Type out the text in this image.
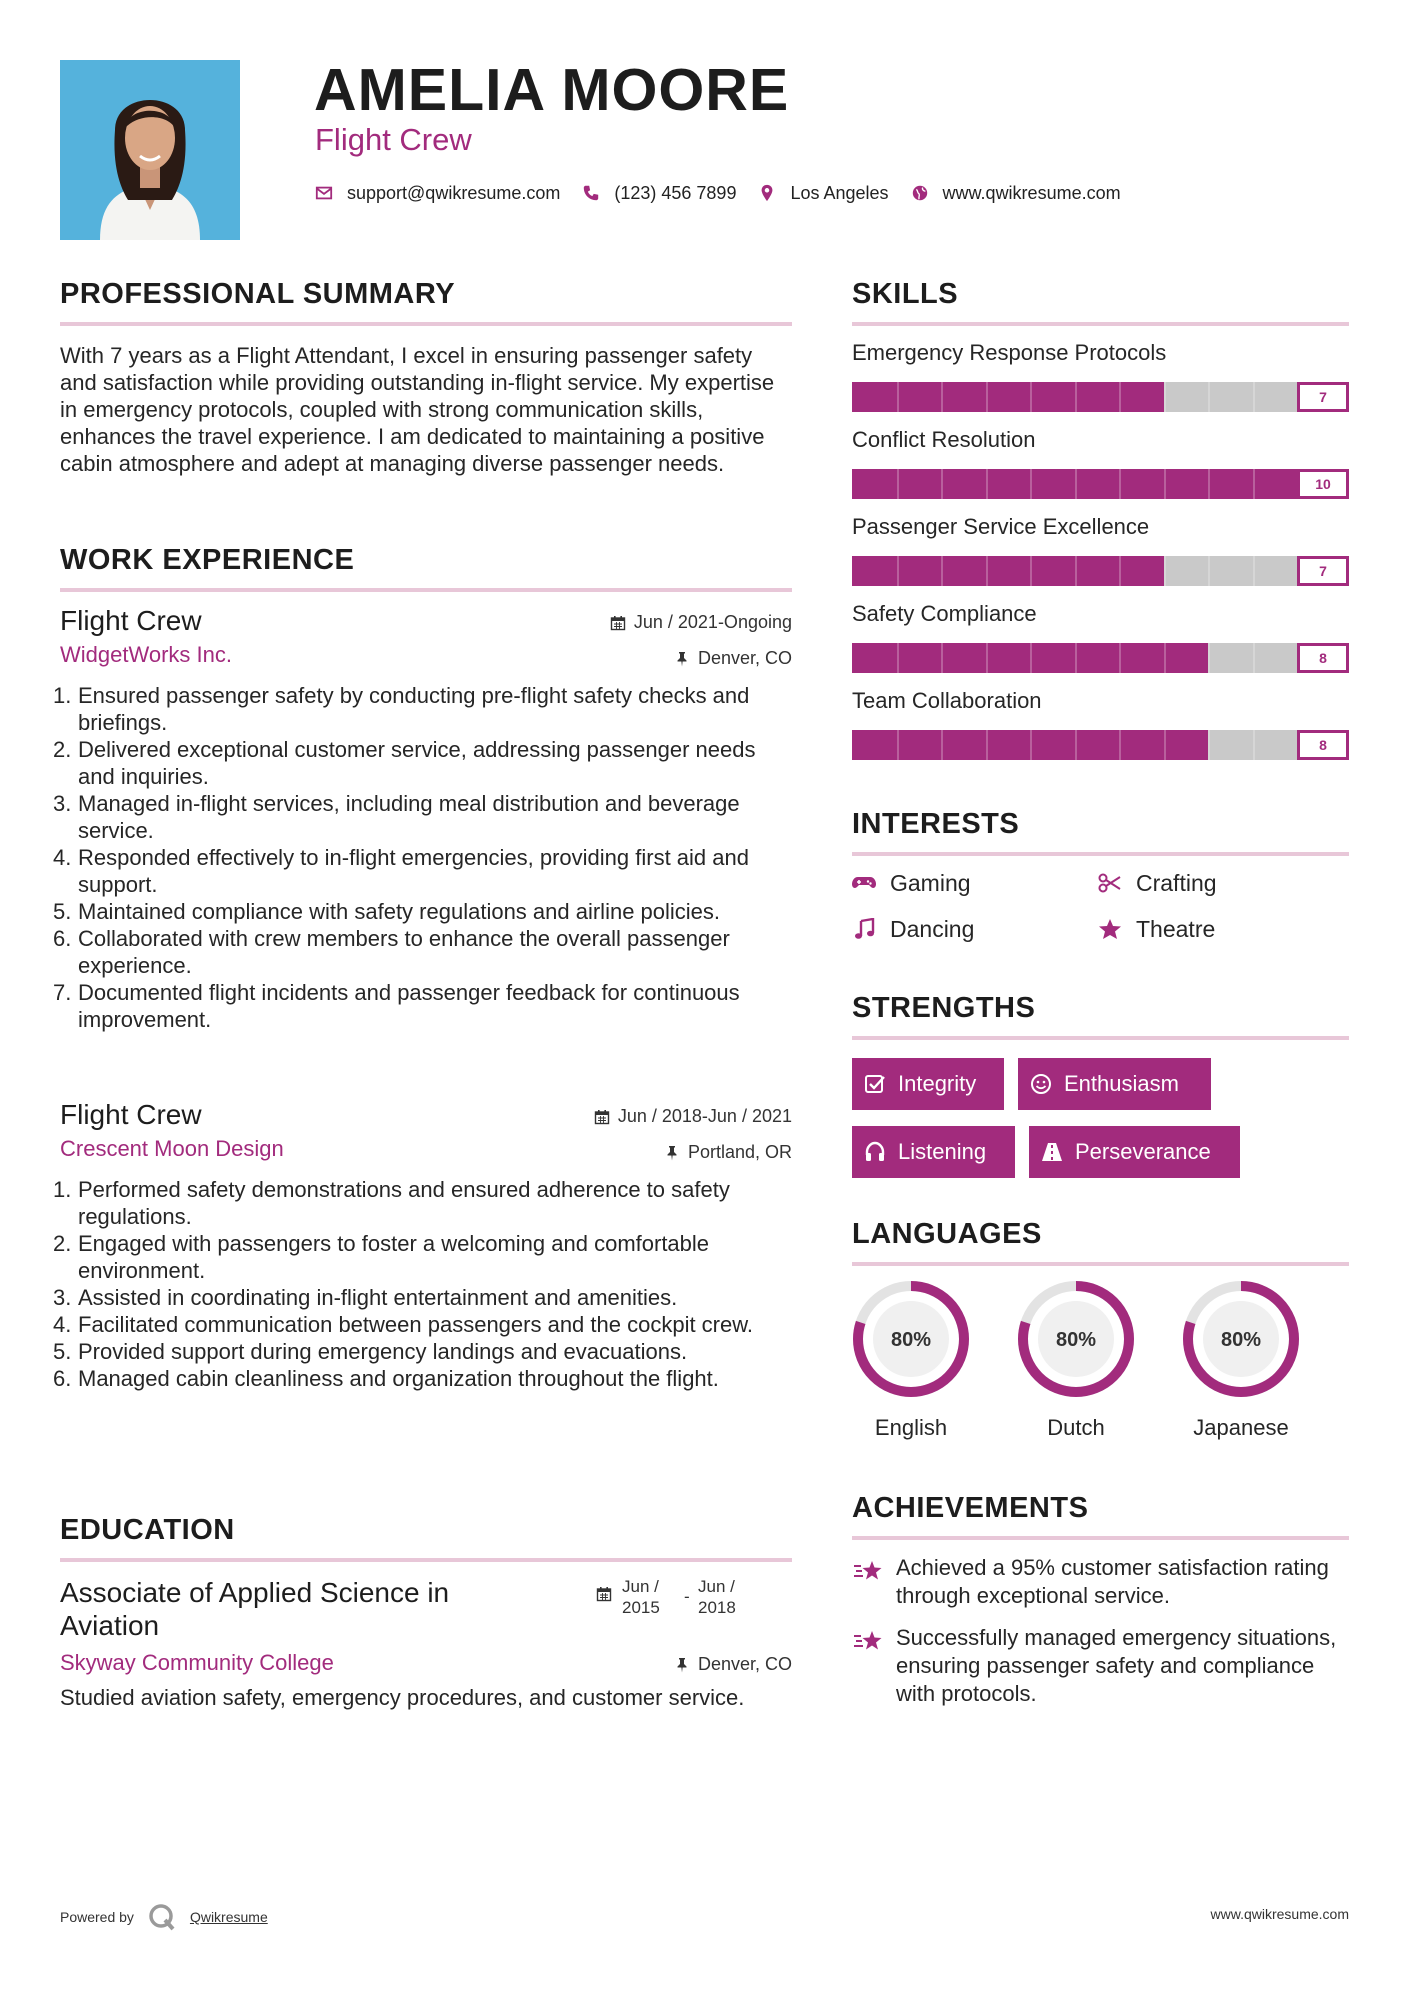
AMELIA MOORE
Flight Crew
support@qwikresume.com	(123) 456 7899	Los Angeles	www.qwikresume.com
PROFESSIONAL SUMMARY
With 7 years as a Flight Attendant, I excel in ensuring passenger safety and satisfaction while providing outstanding in-flight service. My expertise in emergency protocols, coupled with strong communication skills, enhances the travel experience. I am dedicated to maintaining a positive cabin atmosphere and adept at managing diverse passenger needs.
WORK EXPERIENCE
Flight Crew	Jun / 2021-Ongoing
WidgetWorks Inc.	Denver, CO
1. Ensured passenger safety by conducting pre-flight safety checks and briefings.
2. Delivered exceptional customer service, addressing passenger needs and inquiries.
3. Managed in-flight services, including meal distribution and beverage service.
4. Responded effectively to in-flight emergencies, providing first aid and support.
5. Maintained compliance with safety regulations and airline policies.
6. Collaborated with crew members to enhance the overall passenger experience.
7. Documented flight incidents and passenger feedback for continuous improvement.
Flight Crew	Jun / 2018-Jun / 2021
Crescent Moon Design	Portland, OR
1. Performed safety demonstrations and ensured adherence to safety regulations.
2. Engaged with passengers to foster a welcoming and comfortable environment.
3. Assisted in coordinating in-flight entertainment and amenities.
4. Facilitated communication between passengers and the cockpit crew.
5. Provided support during emergency landings and evacuations.
6. Managed cabin cleanliness and organization throughout the flight.
EDUCATION
Associate of Applied Science in
Aviation
Jun /
2015
-
Jun /
2018
Skyway Community College	Denver, CO
Studied aviation safety, emergency procedures, and customer service.
SKILLS
Emergency Response Protocols
7
Conflict Resolution
10
Passenger Service Excellence
7
Safety Compliance
8
Team Collaboration
8
INTERESTS
Gaming	Crafting
Dancing	Theatre
STRENGTHS
Integrity	Enthusiasm
Listening	Perseverance
LANGUAGES
80%
English
80%
Dutch
80%
Japanese
ACHIEVEMENTS
Achieved a 95% customer satisfaction rating through exceptional service.
Successfully managed emergency situations, ensuring passenger safety and compliance with protocols.
Powered by	Qwikresume	www.qwikresume.com
